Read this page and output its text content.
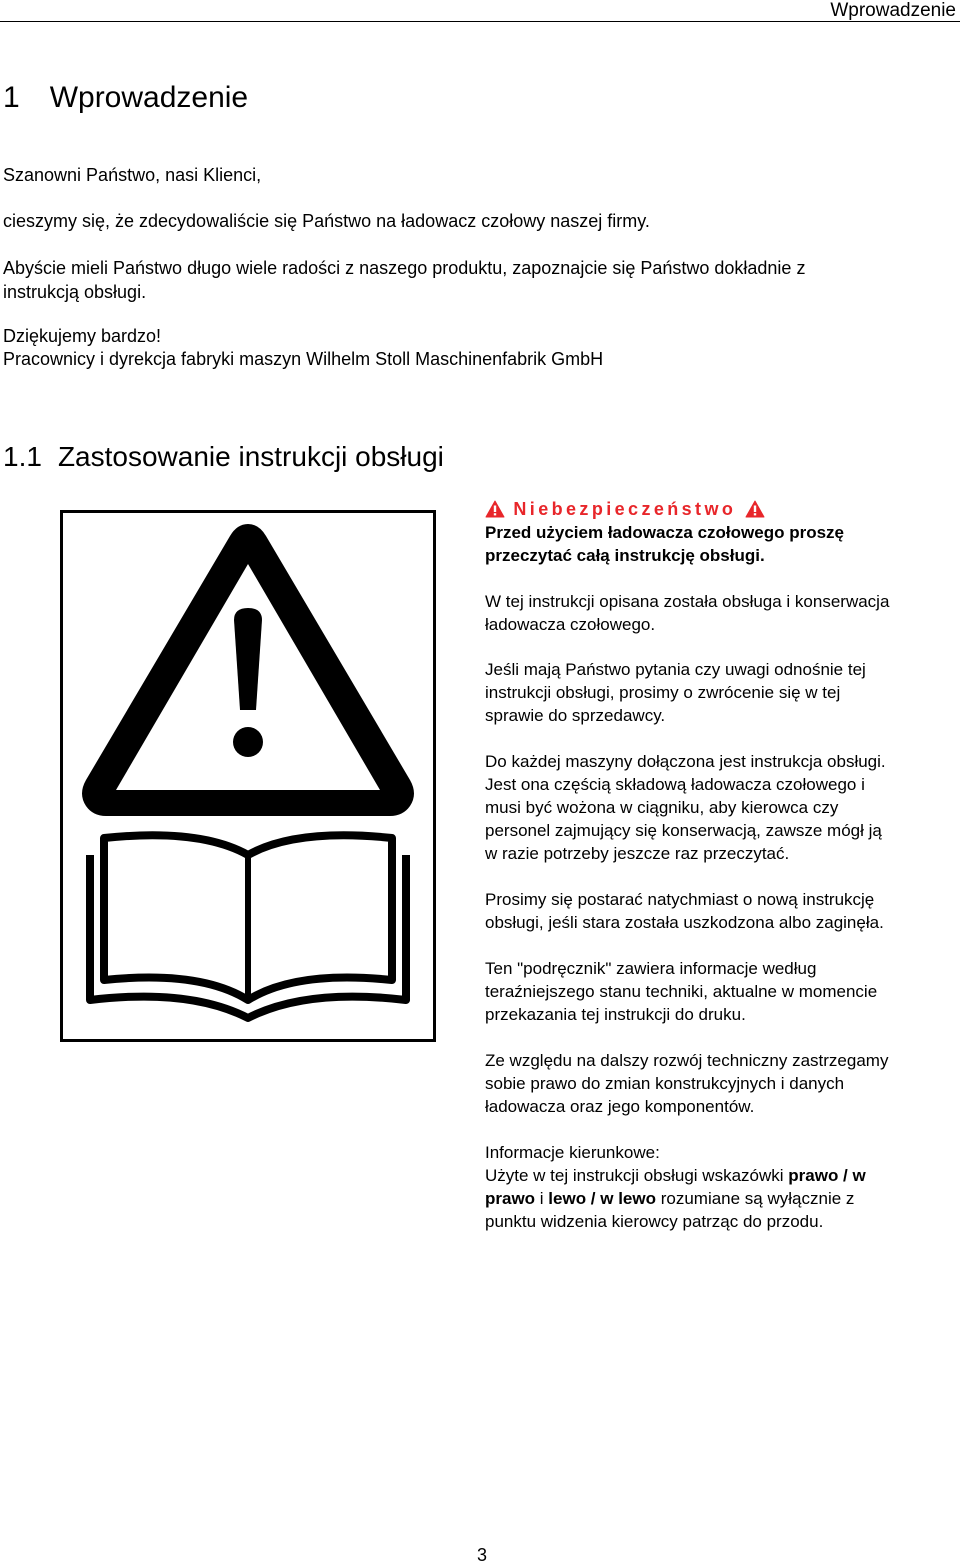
Wprowadzenie
1 Wprowadzenie

Szanowni Państwo, nasi Klienci,

cieszymy się, że zdecydowaliście się Państwo na ładowacz czołowy naszej firmy.

Abyście mieli Państwo długo wiele radości z naszego produktu, zapoznajcie się Państwo dokładnie z
instrukcją obsługi.

Dziękujemy bardzo!

Pracownicy i dyrekcja fabryki maszyn Wilhelm Stoll Maschinenfabrik GmbH

1.1 Zastosowanie instrukcji obsługi
Niebezpieczeństwo

Przed użyciem ładowacza czołowego proszę
przeczytać całą instrukcję obsługi.

W tej instrukcji opisana została obsługa i konserwacja
ładowacza czołowego.

Jeśli mają Państwo pytania czy uwagi odnośnie tej
instrukcji obsługi, prosimy o zwrócenie się w tej
sprawie do sprzedawcy.

Do każdej maszyny dołączona jest instrukcja obsługi.
Jest ona częścią składową ładowacza czołowego i
musi być wożona w ciągniku, aby kierowca czy
personel zajmujący się konserwacją, zawsze mógł ją
w razie potrzeby jeszcze raz przeczytać.

Prosimy się postarać natychmiast o nową instrukcję
obsługi, jeśli stara została uszkodzona albo zaginęła.

Ten "podręcznik" zawiera informacje według
teraźniejszego stanu techniki, aktualne w momencie
przekazania tej instrukcji do druku.

Ze względu na dalszy rozwój techniczny zastrzegamy
sobie prawo do zmian konstrukcyjnych i danych
ładowacza oraz jego komponentów.

Informacje kierunkowe:
Użyte w tej instrukcji obsługi wskazówki prawo / w
prawo i lewo / w lewo rozumiane są wyłącznie z
punktu widzenia kierowcy patrząc do przodu.

3
